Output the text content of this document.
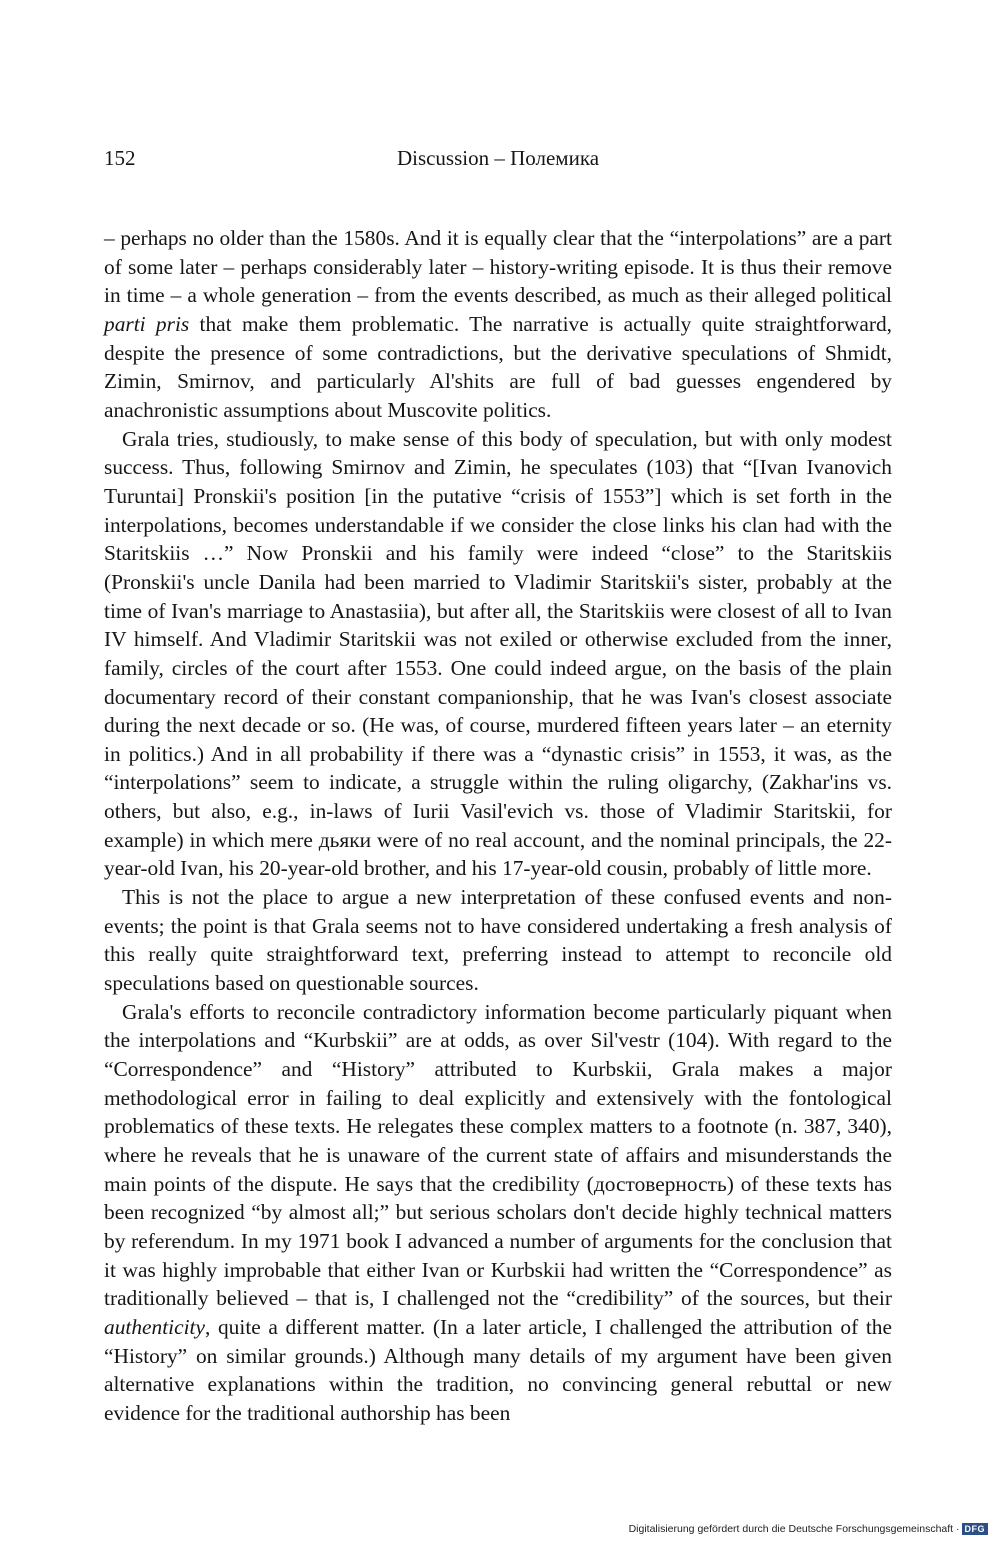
152	Discussion – Полемика

– perhaps no older than the 1580s. And it is equally clear that the “interpolations” are a part of some later – perhaps considerably later – history-writing episode. It is thus their remove in time – a whole generation – from the events described, as much as their alleged political parti pris that make them problematic. The narrative is actually quite straightforward, despite the presence of some contradictions, but the derivative speculations of Shmidt, Zimin, Smirnov, and particularly Al'shits are full of bad guesses engendered by anachronistic assumptions about Muscovite politics.

Grala tries, studiously, to make sense of this body of speculation, but with only modest success. Thus, following Smirnov and Zimin, he speculates (103) that “[Ivan Ivanovich Turuntai] Pronskii's position [in the putative “crisis of 1553”] which is set forth in the interpolations, becomes understandable if we consider the close links his clan had with the Staritskiis …” Now Pronskii and his family were indeed “close” to the Staritskiis (Pronskii's uncle Danila had been married to Vladimir Staritskii's sister, probably at the time of Ivan's marriage to Anastasiia), but after all, the Staritskiis were closest of all to Ivan IV himself. And Vladimir Staritskii was not exiled or otherwise excluded from the inner, family, circles of the court after 1553. One could indeed argue, on the basis of the plain documentary record of their constant companionship, that he was Ivan's closest associate during the next decade or so. (He was, of course, murdered fifteen years later – an eternity in politics.) And in all probability if there was a “dynastic crisis” in 1553, it was, as the “interpolations” seem to indicate, a struggle within the ruling oligarchy, (Zakhar'ins vs. others, but also, e.g., in-laws of Iurii Vasil'evich vs. those of Vladimir Staritskii, for example) in which mere дьяки were of no real account, and the nominal principals, the 22-year-old Ivan, his 20-year-old brother, and his 17-year-old cousin, probably of little more.

This is not the place to argue a new interpretation of these confused events and non-events; the point is that Grala seems not to have considered undertaking a fresh analysis of this really quite straightforward text, preferring instead to attempt to reconcile old speculations based on questionable sources.

Grala's efforts to reconcile contradictory information become particularly piquant when the interpolations and “Kurbskii” are at odds, as over Sil'vestr (104). With regard to the “Correspondence” and “History” attributed to Kurbskii, Grala makes a major methodological error in failing to deal explicitly and extensively with the fontological problematics of these texts. He relegates these complex matters to a footnote (n. 387, 340), where he reveals that he is unaware of the current state of affairs and misunderstands the main points of the dispute. He says that the credibility (достоверность) of these texts has been recognized “by almost all;” but serious scholars don't decide highly technical matters by referendum. In my 1971 book I advanced a number of arguments for the conclusion that it was highly improbable that either Ivan or Kurbskii had written the “Correspondence” as traditionally believed – that is, I challenged not the “credibility” of the sources, but their authenticity, quite a different matter. (In a later article, I challenged the attribution of the “History” on similar grounds.) Although many details of my argument have been given alternative explanations within the tradition, no convincing general rebuttal or new evidence for the traditional authorship has been

Digitalisierung gefördert durch die Deutsche Forschungsgemeinschaft · DFG
